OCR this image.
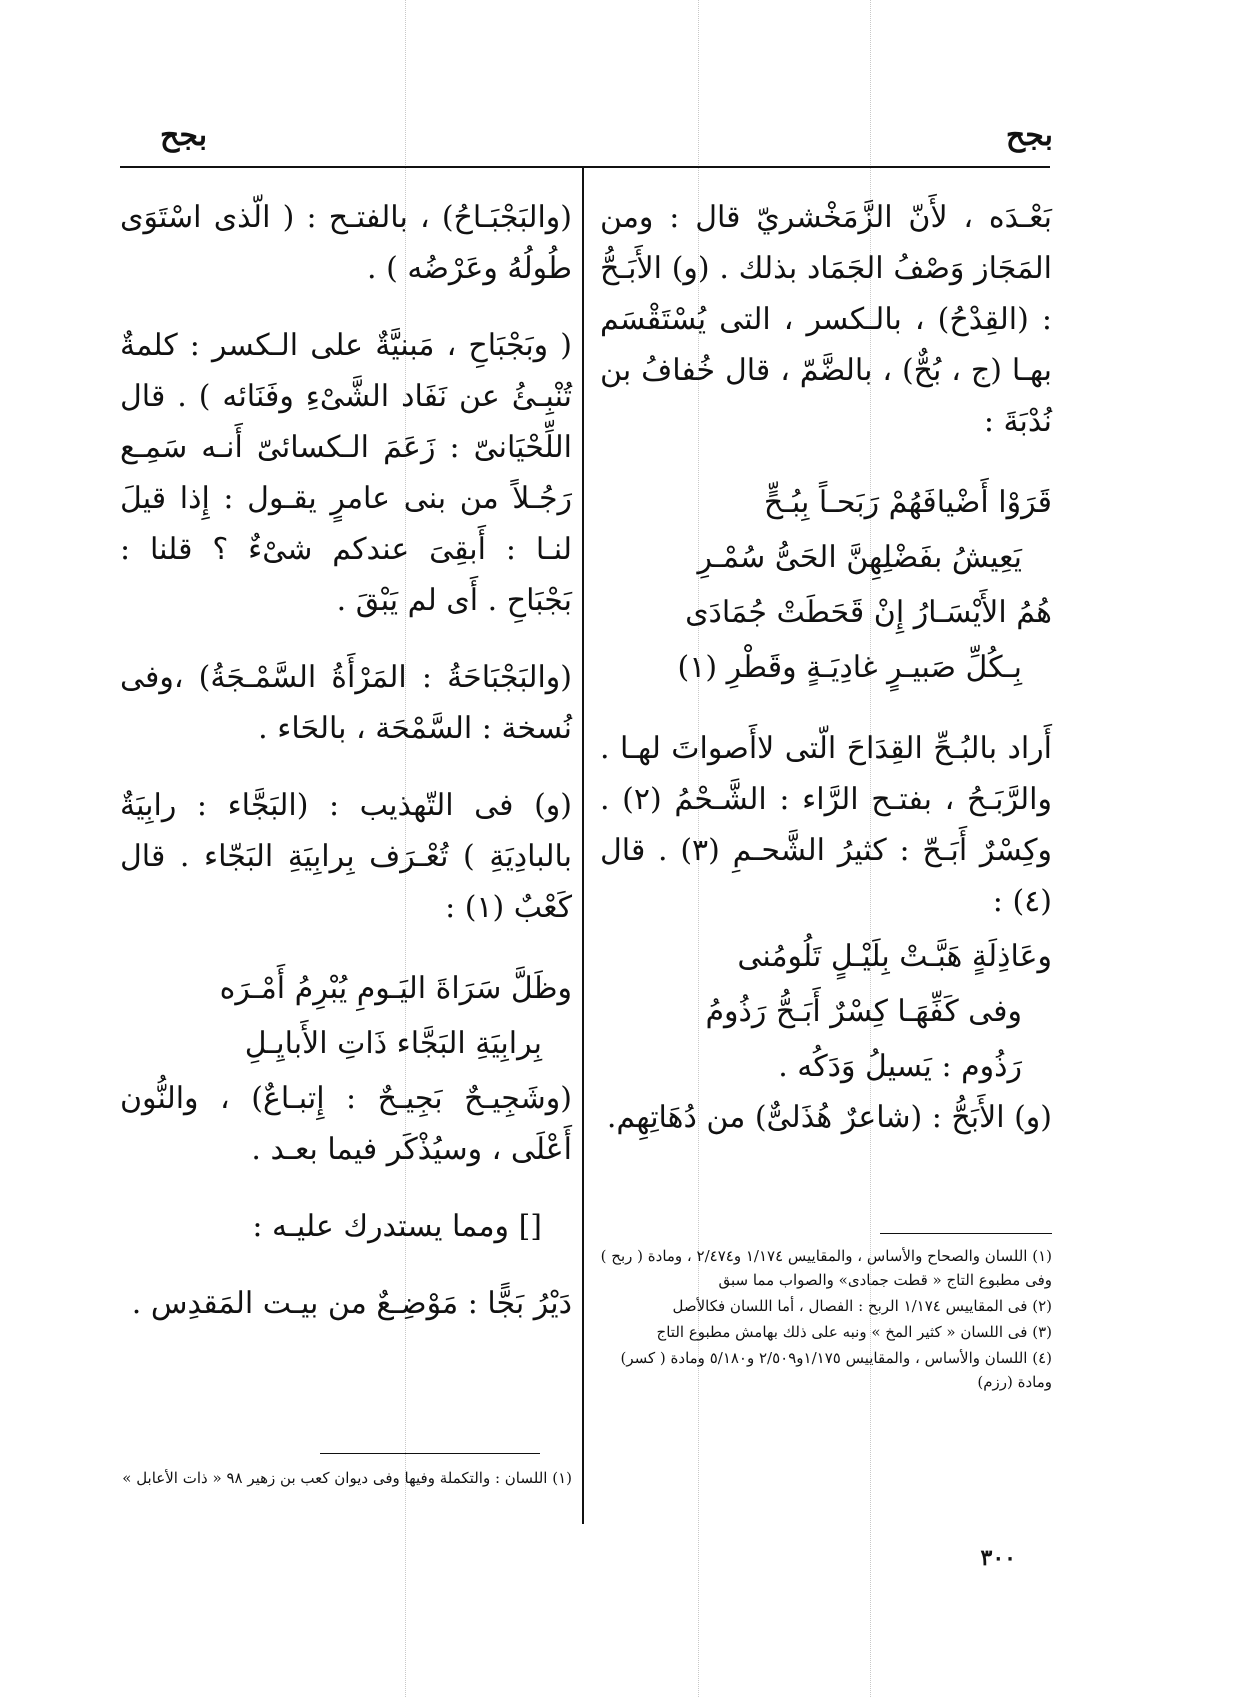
بجح
بجح

بَعْـدَه ، لأَنّ الزَّمَخْشريّ قال : ومن المَجَاز وَصْفُ الجَمَاد بذلك . (و) الأَبَـحُّ : (القِدْحُ) ، بالـكسر ، التى يُسْتَقْسَم بهـا (ج ، بُحٌّ) ، بالضَّمّ ، قال خُفافُ بن نُدْبَةَ :

قَرَوْا أَضْيافَهُمْ رَبَحـاً بِبُـحٍّ
يَعِيشُ بفَضْلِهِنَّ الحَىُّ سُمْـرِ
هُمُ الأَيْسَـارُ إِنْ قَحَطَتْ جُمَادَى
بِـكُلِّ صَبيـرٍ غادِيَـةٍ وقَطْرِ (١)

أَراد بالبُـحِّ القِدَاحَ الّتى لاأَصواتَ لهـا . والرَّبَـحُ ، بفتـح الرَّاء : الشَّـحْمُ (٢) . وكِسْرٌ أَبَـحّ : كثيرُ الشَّحـمِ (٣) . قال (٤) :

وعَاذِلَةٍ هَبَّـتْ بِلَيْـلٍ تَلُومُنى
وفى كَفِّهَـا كِسْرٌ أَبَـحُّ رَذُومُ

رَذُوم : يَسيلُ وَدَكُه .

(و) الأَبَحُّ : (شاعرٌ هُذَلىٌّ) من دُهَاتِهِم.

(١) اللسان والصحاح والأساس ، والمقاييس ١/١٧٤ و٢/٤٧٤ ، ومادة ( ربح ) وفى مطبوع التاج « قطت جمادى» والصواب مما سبق
(٢) فى المقاييس ١/١٧٤ الربح : الفصال ، أما اللسان فكالأصل
(٣) فى اللسان « كثير المخ » ونبه على ذلك بهامش مطبوع التاج
(٤) اللسان والأساس ، والمقاييس ١/١٧٥و٢/٥٠٩ و٥/١٨٠ ومادة ( كسر) ومادة (رزم)

(والبَجْبَـاحُ) ، بالفتـح : ( الّذى اسْتَوَى طُولُهُ وعَرْضُه ) .

( وبَجْبَاحِ ، مَبنيَّةٌ على الـكسر : كلمةٌ تُنْبِـئُ عن نَفَاد الشَّىْءِ وفَنَائه ) . قال اللِّحْيَانىّ : زَعَمَ الـكسائىّ أَنـه سَمِـع رَجُـلاً من بنى عامرٍ يقـول : إِذا قيلَ لنـا : أَبقِىَ عندكم شىْءٌ ؟ قلنا : بَجْبَاحِ . أَى لم يَبْقَ .

(والبَجْبَاحَةُ : المَرْأَةُ السَّمْـجَةُ) ،وفى نُسخة : السَّمْحَة ، بالحَاء .

(و) فى التّهذيب : (البَجَّاء : رابِيَةٌ بالبادِيَةِ ) تُعْـرَف بِرابِيَةِ البَجّاء . قال كَعْبٌ (١) :

وظَلَّ سَرَاةَ اليَـومِ يُبْرِمُ أَمْـرَه
بِرابِيَةِ البَجَّاء ذَاتِ الأَبايِـلِ

(وشَجِيـحٌ بَجِيـحٌ : إِتبـاعٌ) ، والنُّون أَعْلَى ، وسيُذْكَر فيما بعـد .

[] ومما يستدرك عليـه :

دَيْرُ بَجًّا : مَوْضِـعٌ من بيـت المَقدِس .

(١) اللسان : والتكملة وفيها وفى ديوان كعب بن زهير ٩٨ « ذات الأعابل »
٣٠٠
